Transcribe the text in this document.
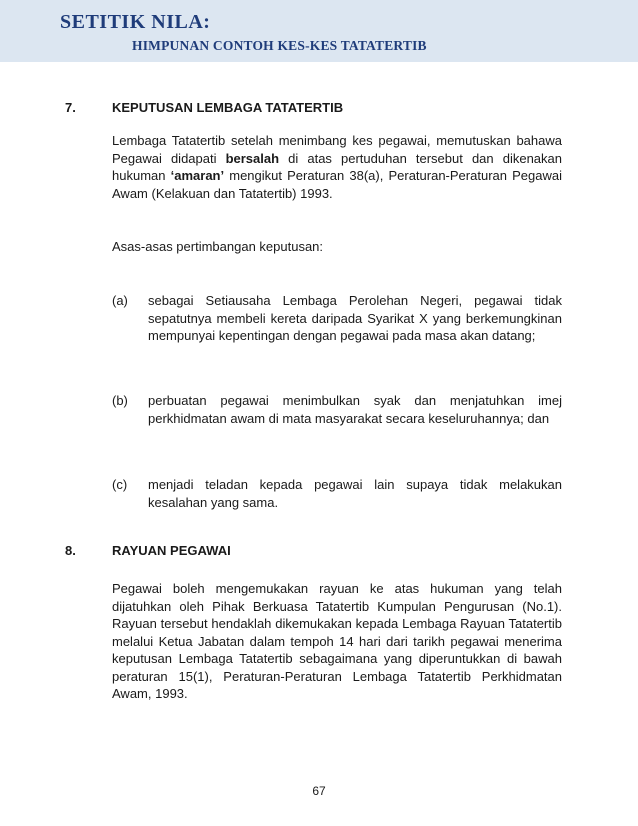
SETITIK NILA:
HIMPUNAN CONTOH KES-KES TATATERTIB
7.	KEPUTUSAN LEMBAGA TATATERTIB

Lembaga Tatatertib setelah menimbang kes pegawai, memutuskan bahawa Pegawai didapati bersalah di atas pertuduhan tersebut dan dikenakan hukuman ‘amaran’ mengikut Peraturan 38(a), Peraturan-Peraturan Pegawai Awam (Kelakuan dan Tatatertib) 1993.

Asas-asas pertimbangan keputusan:

(a) sebagai Setiausaha Lembaga Perolehan Negeri, pegawai tidak sepatutnya membeli kereta daripada Syarikat X yang berkemungkinan mempunyai kepentingan dengan pegawai pada masa akan datang;

(b) perbuatan pegawai menimbulkan syak dan menjatuhkan imej perkhidmatan awam di mata masyarakat secara keseluruhannya; dan

(c) menjadi teladan kepada pegawai lain supaya tidak melakukan kesalahan yang sama.

8.	RAYUAN PEGAWAI

Pegawai boleh mengemukakan rayuan ke atas hukuman yang telah dijatuhkan oleh Pihak Berkuasa Tatatertib Kumpulan Pengurusan (No.1). Rayuan tersebut hendaklah dikemukakan kepada Lembaga Rayuan Tatatertib melalui Ketua Jabatan dalam tempoh 14 hari dari tarikh pegawai menerima keputusan Lembaga Tatatertib sebagaimana yang diperuntukkan di bawah peraturan 15(1), Peraturan-Peraturan Lembaga Tatatertib Perkhidmatan Awam, 1993.

67
